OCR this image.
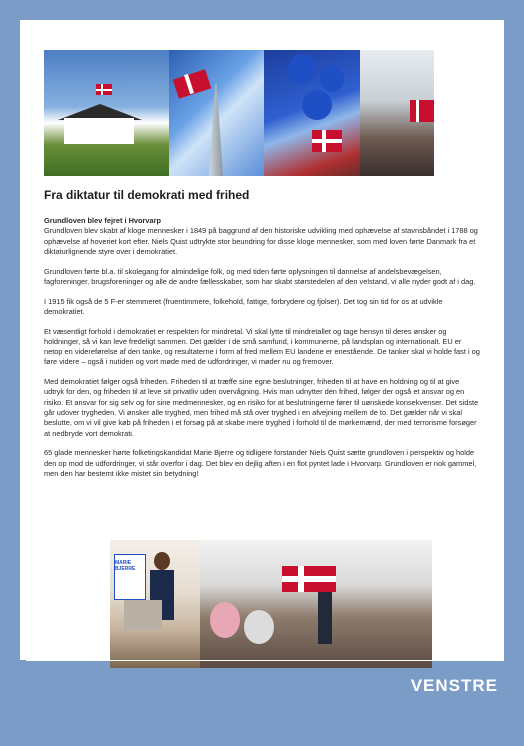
Fra diktatur til demokrati med frihed

Grundloven blev fejret i Hvorvarp

Grundloven blev skabt af kloge mennesker i 1849 på baggrund af den historiske udvikling med ophævelse af stavnsbåndet i 1788 og ophævelse af hoveriet kort efter. Niels Quist udtrykte stor beundring for disse kloge mennesker, som med loven førte Danmark fra et diktaturlignende styre over i demokratiet.

Grundloven førte bl.a. til skolegang for almindelige folk, og med tiden førte oplysningen til dannelse af andelsbevægelsen, fagforeninger, brugsforeninger og alle de andre fællesskaber, som har skabt størstedelen af den velstand, vi alle nyder godt af i dag.

I 1915 fik også de 5 F-er stemmeret (fruentimmere, folkehold, fattige, forbrydere og fjolser). Det tog sin tid for os at udvikle demokratiet.

Et væsentligt forhold i demokratiet er respekten for mindretal. Vi skal lytte til mindretallet og tage hensyn til deres ønsker og holdninger, så vi kan leve fredeligt sammen. Det gælder i de små samfund, i kommunerne, på landsplan og internationalt. EU er netop en videreførelse af den tanke, og resultaterne i form af fred mellem EU landene er enestående. De tanker skal vi holde fast i og føre videre – også i nutiden og vort møde med de udfordringer, vi møder nu og fremover.

Med demokratiet følger også friheden. Friheden til at træffe sine egne beslutninger, friheden til at have en holdning og til at give udtryk for den, og friheden til at leve sit privatliv uden overvågning. Hvis man udnytter den frihed, følger der også et ansvar og en risiko. Et ansvar for sig selv og for sine medmennesker, og en risiko for at beslutningerne fører til uønskede konsekvenser. Det sidste går udover trygheden. Vi ønsker alle tryghed, men frihed må stå over tryghed i en afvejning mellem de to. Det gælder når vi skal beslutte, om vi vil give køb på friheden i et forsøg på at skabe mere tryghed i forhold til de mørkemænd, der med terrorisme forsøger at nedbryde vort demokrati.

65 glade mennesker hørte folketingskandidat Marie Bjerre og tidligere forstander Niels Quist sætte grundloven i perspektiv og holde den op mod de udfordringer, vi står overfor i dag. Det blev en dejlig aften i en flot pyntet lade i Hvorvarp. Grundloven er nok gammel, men den har bestemt ikke mistet sin betydning!

MARIE BJERRE
VENSTRE
